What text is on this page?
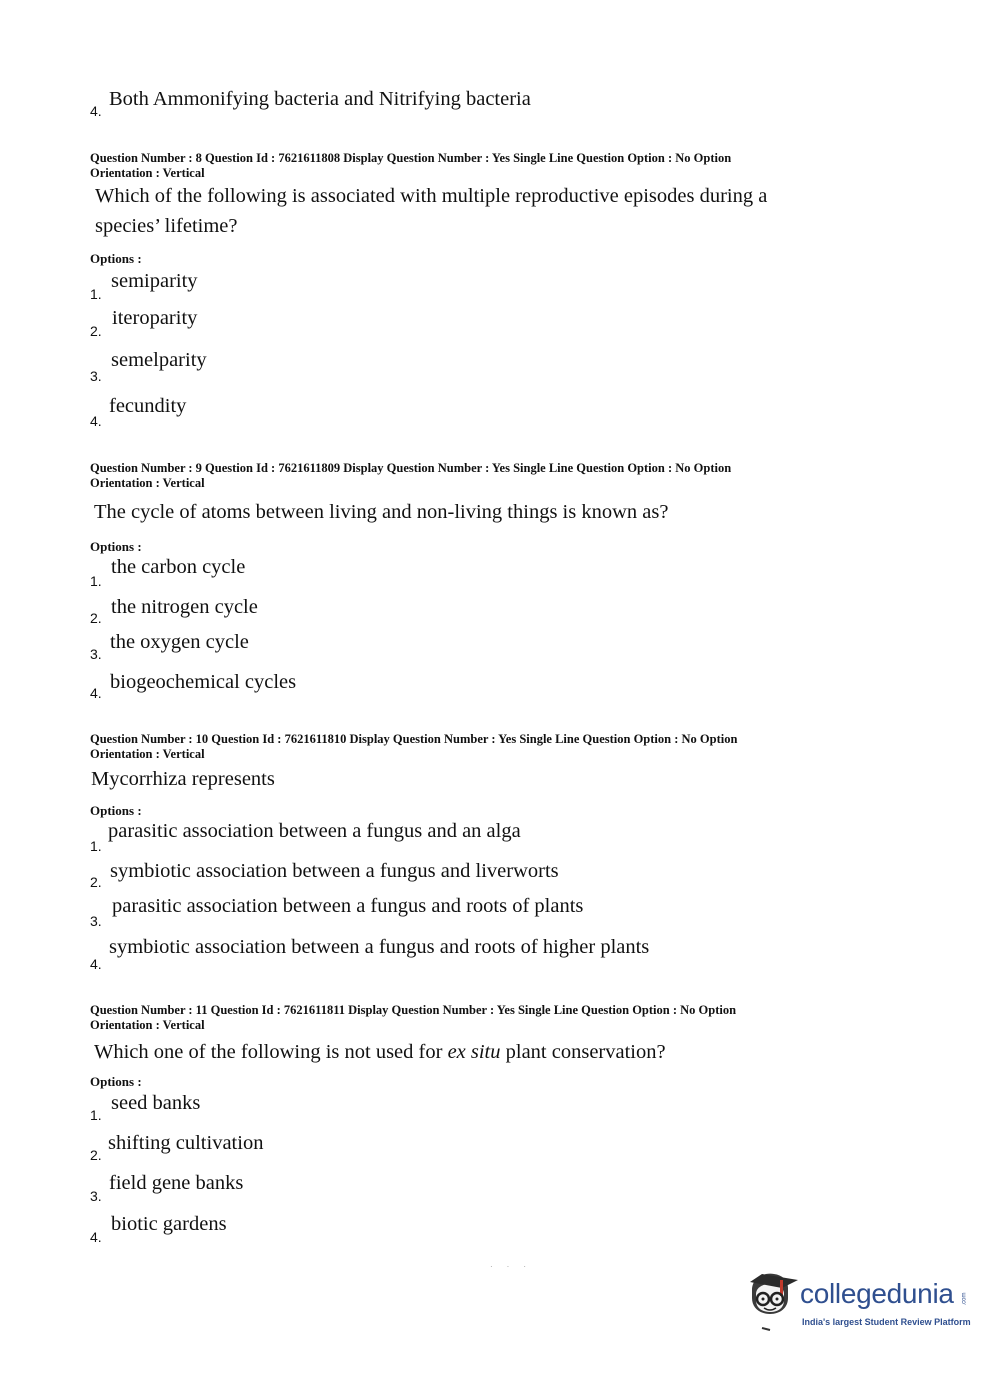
4.
Both Ammonifying bacteria and Nitrifying bacteria
Question Number : 8 Question Id : 7621611808 Display Question Number : Yes Single Line Question Option : No Option
Orientation : Vertical
Which of the following is associated with multiple reproductive episodes during a
species’ lifetime?
Options :
1.
semiparity
2.
iteroparity
3.
semelparity
4.
fecundity
Question Number : 9 Question Id : 7621611809 Display Question Number : Yes Single Line Question Option : No Option
Orientation : Vertical
The cycle of atoms between living and non-living things is known as?
Options :
1.
the carbon cycle
2. the nitrogen cycle
3.
the oxygen cycle
4. biogeochemical cycles
Question Number : 10 Question Id : 7621611810 Display Question Number : Yes Single Line Question Option : No Option
Orientation : Vertical
Mycorrhiza represents
Options :
1.
parasitic association between a fungus and an alga
2. symbiotic association between a fungus and liverworts
3.
parasitic association between a fungus and roots of plants
4.
symbiotic association between a fungus and roots of higher plants
Question Number : 11 Question Id : 7621611811 Display Question Number : Yes Single Line Question Option : No Option
Orientation : Vertical
Which one of the following is not used for ex situ plant conservation?
Options :
1.
seed banks
2.
shifting cultivation
3.
field gene banks
4.
biotic gardens
···
collegedunia .com
India's largest Student Review Platform
